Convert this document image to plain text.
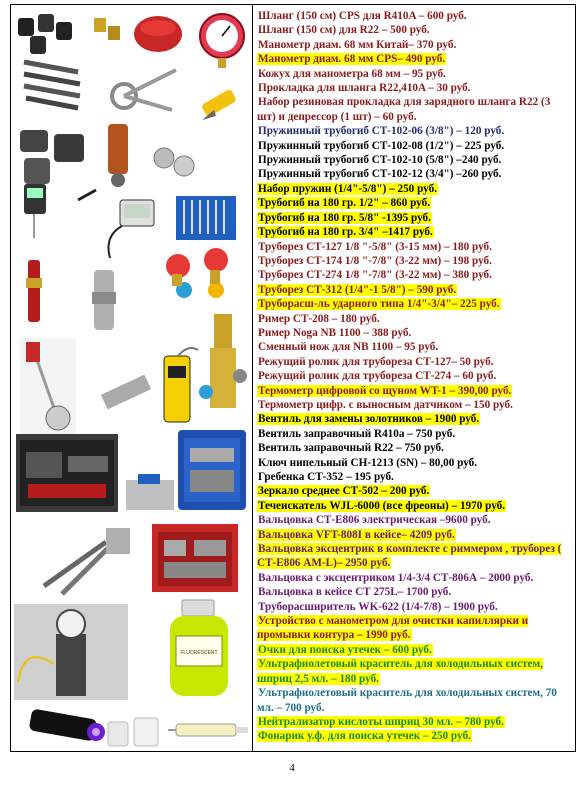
FLUORESCENT
Шланг (150 см) CPS для R410A – 600 руб.
Шланг (150 см) для R22 – 500 руб.
Манометр диам. 68 мм Китай– 370 руб.
Манометр диам. 68 мм CPS– 490 руб.
Кожух для манометра 68 мм – 95 руб.
Прокладка для шланга R22,410A – 30 руб.
Набор резиновая прокладка для зарядного шланга R22 (3 шт) и депрессор (1 шт) – 60 руб.
Пружинный трубогиб СТ-102-06 (3/8") – 120 руб.
Пружинный трубогиб СТ-102-08 (1/2") – 225 руб.
Пружинный трубогиб СТ-102-10 (5/8") –240 руб.
Пружинный трубогиб СТ-102-12 (3/4") –260 руб.
Набор пружин (1/4"-5/8") – 250 руб.
Трубогиб на 180 гр. 1/2" – 860 руб.
Трубогиб на 180 гр. 5/8" -1395 руб.
Трубогиб на 180 гр. 3/4" –1417 руб.
Труборез СТ-127 1/8 "-5/8" (3-15 мм) – 180 руб.
Труборез СТ-174 1/8 "-7/8" (3-22 мм) – 198 руб.
Труборез СТ-274 1/8 "-7/8" (3-22 мм) – 380 руб.
Труборез СТ-312 (1/4"-1 5/8") – 590 руб.
Труборасш-ль ударного типа 1/4"-3/4"– 225 руб.
Ример СТ-208 – 180 руб.
Ример Noga NB 1100 – 388 руб.
Сменный нож для NB 1100 – 95 руб.
Режущий ролик для трубореза СТ-127– 50 руб.
Режущий ролик для трубореза СТ-274 – 60 руб.
Термометр цифровой со щуном WT-1 – 390,00 руб.
Термометр цифр. с выносным датчиком – 150 руб.
Вентиль для замены золотников – 1900 руб.
Вентиль заправочный R410a – 750 руб.
Вентиль заправочный R22 – 750 руб.
Ключ нипельный СН-1213 (SN) – 80,00 руб.
Гребенка СТ-352 – 195 руб.
Зеркало среднее СТ-502 – 200 руб.
Течеискатель WJL-6000 (все фреоны) – 1970 руб.
Вальцовка СТ-Е806 электрическая –9600 руб.
Вальцовка VFT-808I в кейсе– 4209 руб.
Вальцовка эксцентрик в комплекте с риммером , труборез ( СТ-Е806 АМ-L)– 2950 руб.
Вальцовка с эксцентриком 1/4-3/4 СТ-806А – 2000 руб.
Вальцовка в кейсе СТ 275L– 1700 руб.
Труборасширитель WK-622 (1/4-7/8) – 1900 руб.
Устройство с манометром для очистки капиллярки и промывки контура – 1990 руб.
Очки для поиска утечек – 600 руб.
Ультрафиолетовый краситель для холодильных систем, шприц 2,5 мл. – 180 руб.
Ультрафиолетовый краситель для холодильных систем, 70 мл. – 700 руб.
Нейтрализатор кислоты шприц 30 мл. – 780 руб.
Фонарик у.ф. для поиска утечек – 250 руб.
4
